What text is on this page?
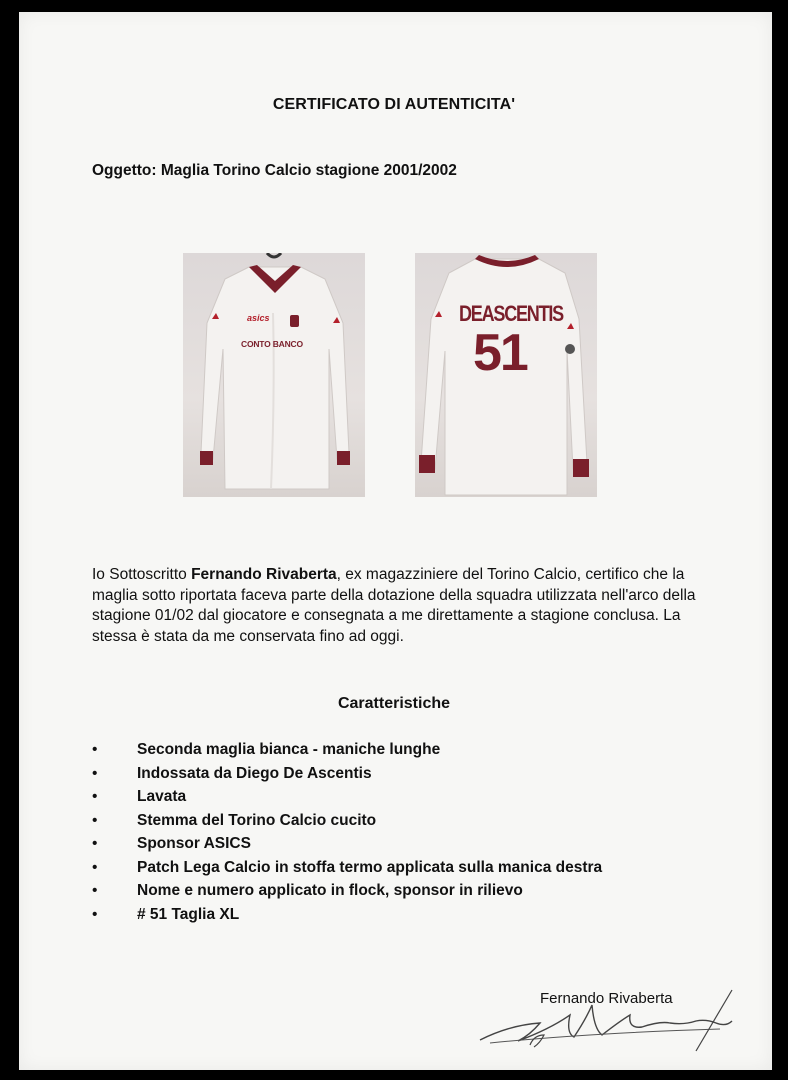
CERTIFICATO DI AUTENTICITA'
Oggetto: Maglia Torino Calcio stagione 2001/2002
asics
CONTO BANCO
DEASCENTIS
51
Io Sottoscritto Fernando Rivaberta, ex magazziniere del Torino Calcio, certifico che la maglia sotto riportata faceva parte della dotazione della squadra utilizzata nell'arco della stagione 01/02 dal giocatore e consegnata a me direttamente a stagione conclusa. La stessa è stata da me conservata fino ad oggi.
Caratteristiche
•	Seconda maglia bianca - maniche lunghe
•	Indossata da Diego De Ascentis
•	Lavata
•	Stemma del Torino Calcio cucito
•	Sponsor ASICS
•	Patch Lega Calcio in stoffa termo applicata sulla manica destra
•	Nome e numero applicato in flock, sponsor in rilievo
•	# 51 Taglia XL
Fernando Rivaberta
